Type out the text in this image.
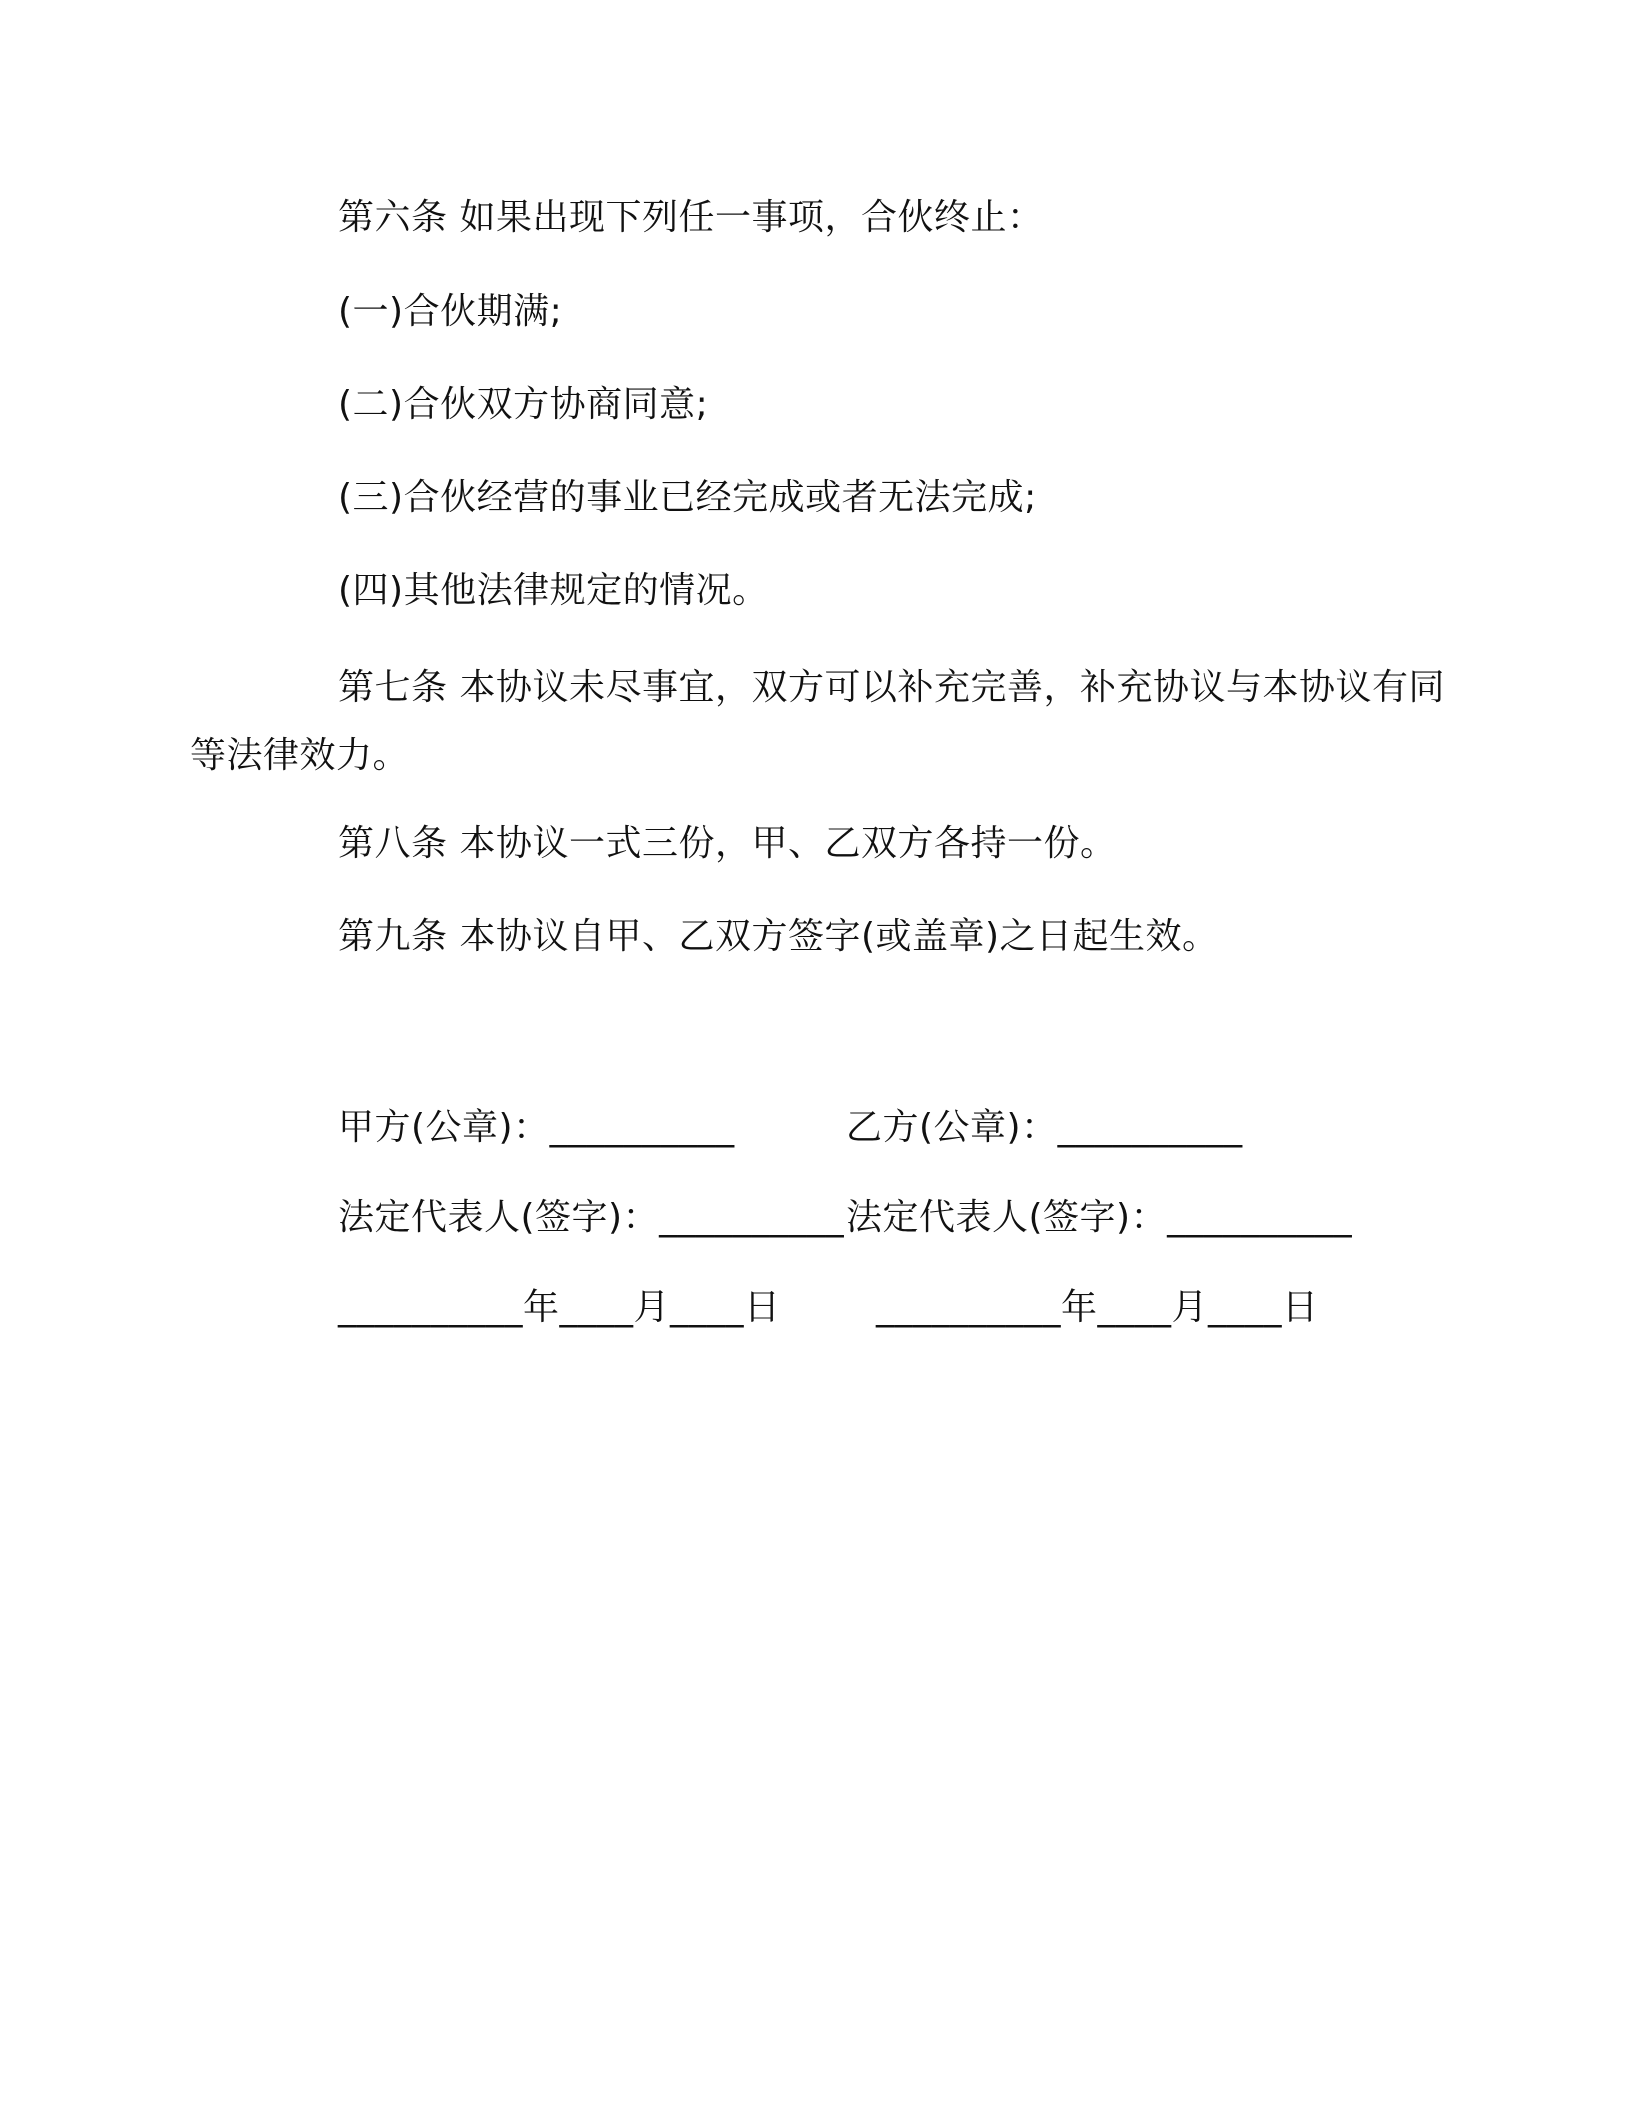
第六条 如果出现下列任一事项，合伙终止：
(一)合伙期满;
(二)合伙双方协商同意;
(三)合伙经营的事业已经完成或者无法完成;
(四)其他法律规定的情况。
第七条 本协议未尽事宜，双方可以补充完善，补充协议与本协议有同等法律效力。
第八条 本协议一式三份，甲、乙双方各持一份。
第九条 本协议自甲、乙双方签字(或盖章)之日起生效。
甲方(公章)：__________	乙方(公章)：__________
法定代表人(签字)：__________ 法定代表人(签字)：__________
__________年____月____日	__________年____月____日
